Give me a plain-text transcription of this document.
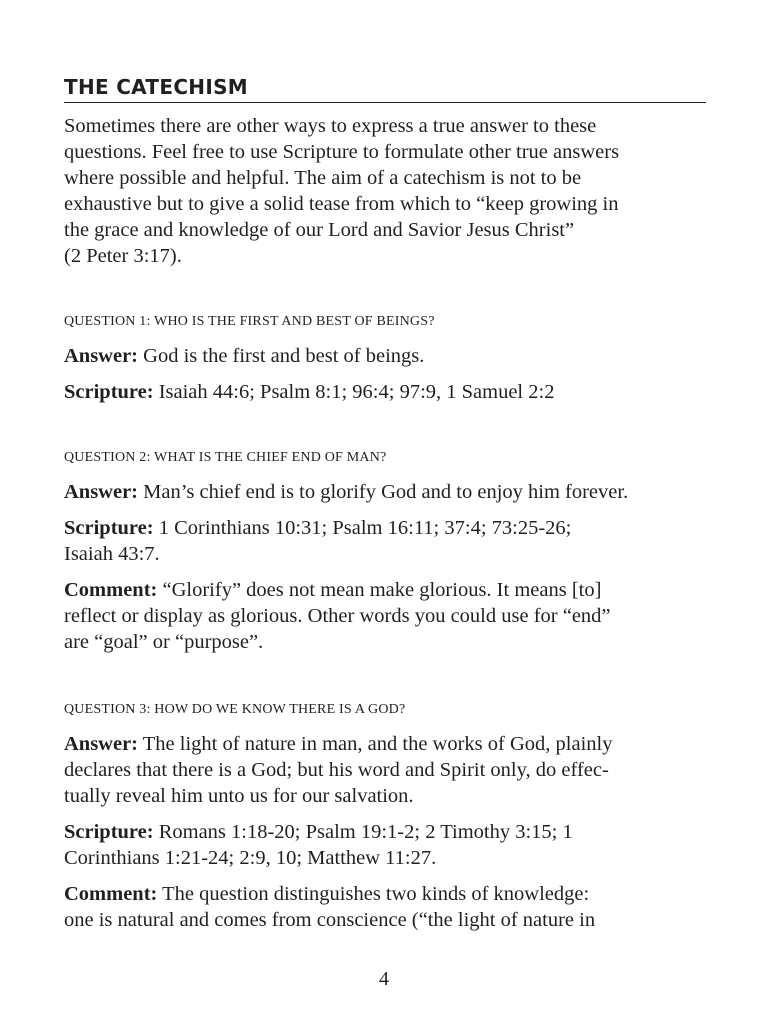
THE CATECHISM
Sometimes there are other ways to express a true answer to these
questions. Feel free to use Scripture to formulate other true answers
where possible and helpful. The aim of a catechism is not to be
exhaustive but to give a solid tease from which to “keep growing in
the grace and knowledge of our Lord and Savior Jesus Christ”
(2 Peter 3:17).

QUESTION 1: WHO IS THE FIRST AND BEST OF BEINGS?

Answer: God is the first and best of beings.

Scripture: Isaiah 44:6; Psalm 8:1; 96:4; 97:9, 1 Samuel 2:2

QUESTION 2: WHAT IS THE CHIEF END OF MAN?

Answer: Man’s chief end is to glorify God and to enjoy him forever.

Scripture: 1 Corinthians 10:31; Psalm 16:11; 37:4; 73:25-26;
Isaiah 43:7.

Comment: “Glorify” does not mean make glorious. It means [to]
reflect or display as glorious. Other words you could use for “end”
are “goal” or “purpose”.

QUESTION 3: HOW DO WE KNOW THERE IS A GOD?

Answer: The light of nature in man, and the works of God, plainly
declares that there is a God; but his word and Spirit only, do effec-
tually reveal him unto us for our salvation.

Scripture: Romans 1:18-20; Psalm 19:1-2; 2 Timothy 3:15; 1
Corinthians 1:21-24; 2:9, 10; Matthew 11:27.

Comment: The question distinguishes two kinds of knowledge:
one is natural and comes from conscience (“the light of nature in

4
